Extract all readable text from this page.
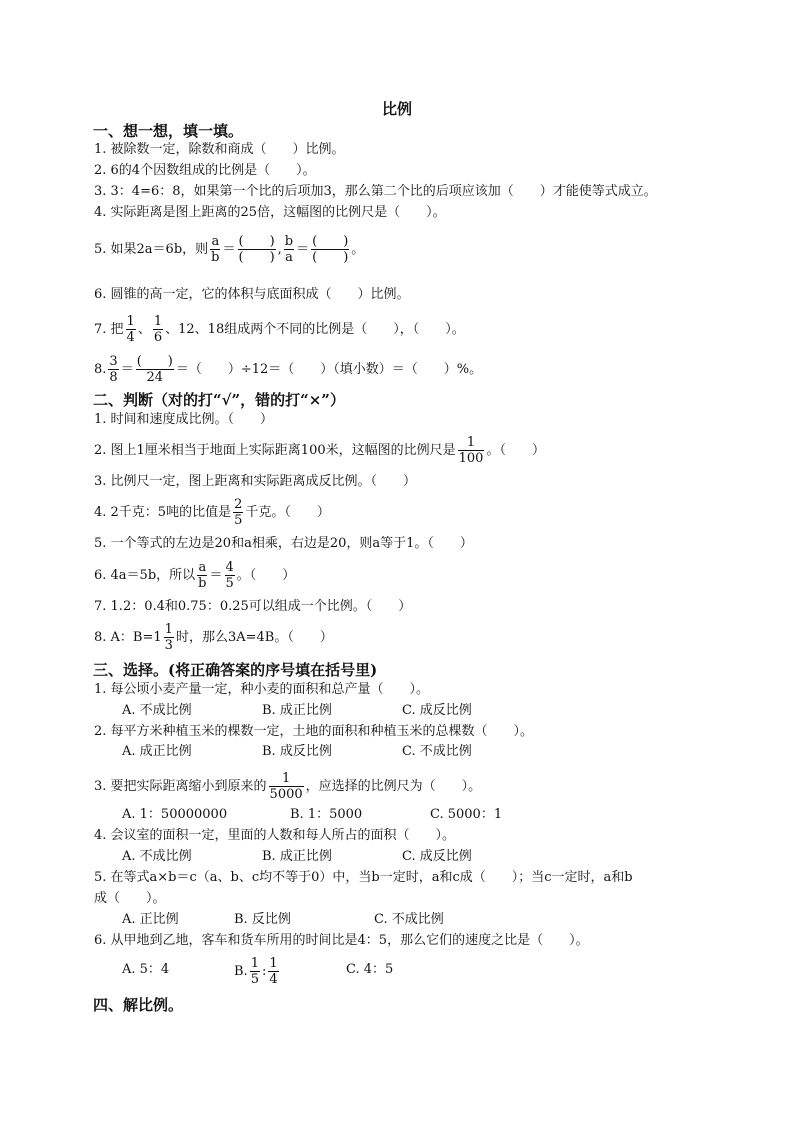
比例
一、想一想，填一填。
1. 被除数一定，除数和商成（　　）比例。
2. 6的4个因数组成的比例是（　　）。
3. 3：4=6：8，如果第一个比的后项加3，那么第二个比的后项应该加（　　）才能使等式成立。
4. 实际距离是图上距离的25倍，这幅图的比例尺是（　　）。
5. 如果2a＝6b，则 $\frac{a}{b} = \frac{( )}{( )}$ , $\frac{b}{a} = \frac{( )}{( )}$ 。
6. 圆锥的高一定，它的体积与底面积成（　　）比例。
7. 把 $\frac{1}{4}$ 、 $\frac{1}{6}$ 、12、18组成两个不同的比例是（　　），（　　）。
8. $\frac{3}{8} = \frac{( )}{24}$ ＝（　　）÷12＝（　　）（填小数）＝（　　）%。
二、判断（对的打“√”，错的打“×”）
1. 时间和速度成比例。（　　）
2. 图上1厘米相当于地面上实际距离100米，这幅图的比例尺是 $\frac{1}{100}$ 。（　　）
3. 比例尺一定，图上距离和实际距离成反比例。（　　）
4. 2千克：5吨的比值是 $\frac{2}{5}$ 千克。（　　）
5. 一个等式的左边是20和a相乘，右边是20，则a等于1。（　　）
6. 4a＝5b，所以 $\frac{a}{b} = \frac{4}{5}$ 。（　　）
7. 1.2：0.4和0.75：0.25可以组成一个比例。（　　）
8. A：$B=1 \frac{1}{3}$ 时，那么3A=4B。（　　）
三、选择。(将正确答案的序号填在括号里)
1. 每公顷小麦产量一定，种小麦的面积和总产量（　　）。
A. 不成比例	B. 成正比例	C. 成反比例
2. 每平方米种植玉米的棵数一定，土地的面积和种植玉米的总棵数（　　）。
A. 成正比例	B. 成反比例	C. 不成比例
3. 要把实际距离缩小到原来的 $\frac{1}{5000}$ ，应选择的比例尺为（　　）。
A. 1：50000000	B. 1：5000	C. 5000：1
4. 会议室的面积一定，里面的人数和每人所占的面积（　　）。
A. 不成比例	B. 成正比例	C. 成反比例
5. 在等式a×b＝c（a、b、c均不等于0）中，当b一定时，a和c成（　　）；当c一定时，a和b
成（　　）。
A. 正比例	B. 反比例	C. 不成比例
6. 从甲地到乙地，客车和货车所用的时间比是4：5，那么它们的速度之比是（　　）。
A. 5：4	B. $\frac{1}{5}$ : $\frac{1}{4}$	C. 4：5
四、解比例。
